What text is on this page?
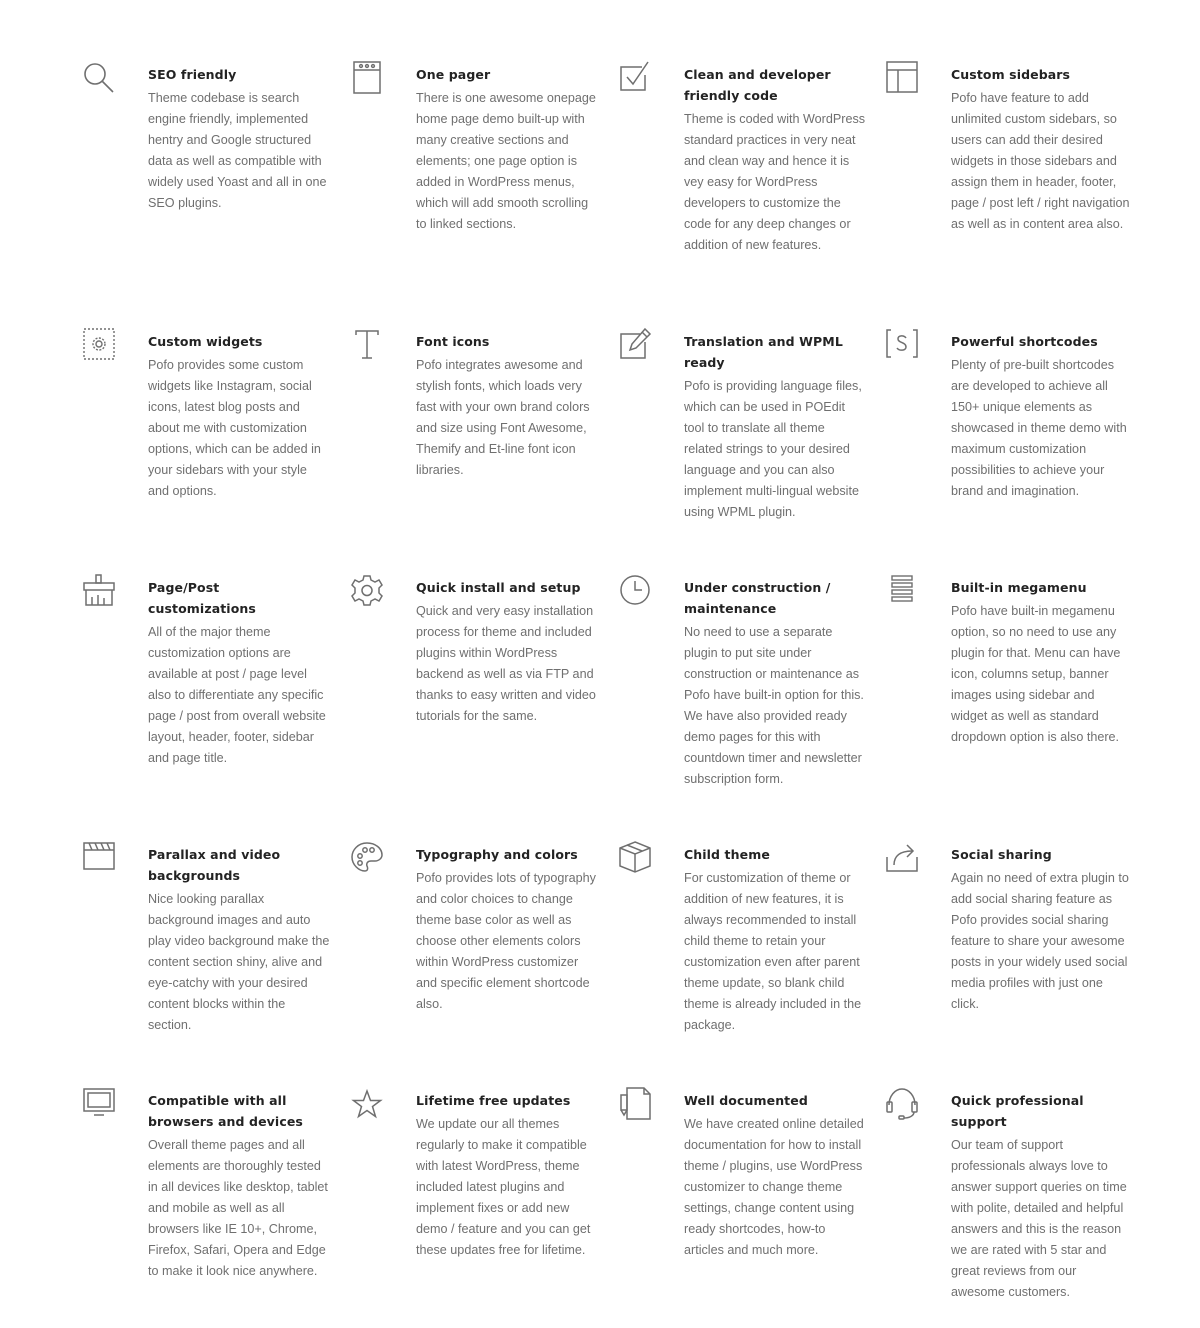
SEO friendly

Theme codebase is search engine friendly, implemented hentry and Google structured data as well as compatible with widely used Yoast and all in one SEO plugins.

One pager

There is one awesome onepage home page demo built-up with many creative sections and elements; one page option is added in WordPress menus, which will add smooth scrolling to linked sections.

Clean and developer friendly code

Theme is coded with WordPress standard practices in very neat and clean way and hence it is vey easy for WordPress developers to customize the code for any deep changes or addition of new features.

Custom sidebars

Pofo have feature to add unlimited custom sidebars, so users can add their desired widgets in those sidebars and assign them in header, footer, page / post left / right navigation as well as in content area also.

Custom widgets

Pofo provides some custom widgets like Instagram, social icons, latest blog posts and about me with customization options, which can be added in your sidebars with your style and options.

Font icons

Pofo integrates awesome and stylish fonts, which loads very fast with your own brand colors and size using Font Awesome, Themify and Et-line font icon libraries.

Translation and WPML ready

Pofo is providing language files, which can be used in POEdit tool to translate all theme related strings to your desired language and you can also implement multi-lingual website using WPML plugin.

Powerful shortcodes

Plenty of pre-built shortcodes are developed to achieve all 150+ unique elements as showcased in theme demo with maximum customization possibilities to achieve your brand and imagination.

Page/Post customizations

All of the major theme customization options are available at post / page level also to differentiate any specific page / post from overall website layout, header, footer, sidebar and page title.

Quick install and setup

Quick and very easy installation process for theme and included plugins within WordPress backend as well as via FTP and thanks to easy written and video tutorials for the same.

Under construction / maintenance

No need to use a separate plugin to put site under construction or maintenance as Pofo have built-in option for this. We have also provided ready demo pages for this with countdown timer and newsletter subscription form.

Built-in megamenu

Pofo have built-in megamenu option, so no need to use any plugin for that. Menu can have icon, columns setup, banner images using sidebar and widget as well as standard dropdown option is also there.

Parallax and video backgrounds

Nice looking parallax background images and auto play video background make the content section shiny, alive and eye-catchy with your desired content blocks within the section.

Typography and colors

Pofo provides lots of typography and color choices to change theme base color as well as choose other elements colors within WordPress customizer and specific element shortcode also.

Child theme

For customization of theme or addition of new features, it is always recommended to install child theme to retain your customization even after parent theme update, so blank child theme is already included in the package.

Social sharing

Again no need of extra plugin to add social sharing feature as Pofo provides social sharing feature to share your awesome posts in your widely used social media profiles with just one click.

Compatible with all browsers and devices

Overall theme pages and all elements are thoroughly tested in all devices like desktop, tablet and mobile as well as all browsers like IE 10+, Chrome, Firefox, Safari, Opera and Edge to make it look nice anywhere.

Lifetime free updates

We update our all themes regularly to make it compatible with latest WordPress, theme included latest plugins and implement fixes or add new demo / feature and you can get these updates free for lifetime.

Well documented

We have created online detailed documentation for how to install theme / plugins, use WordPress customizer to change theme settings, change content using ready shortcodes, how-to articles and much more.

Quick professional support

Our team of support professionals always love to answer support queries on time with polite, detailed and helpful answers and this is the reason we are rated with 5 star and great reviews from our awesome customers.
